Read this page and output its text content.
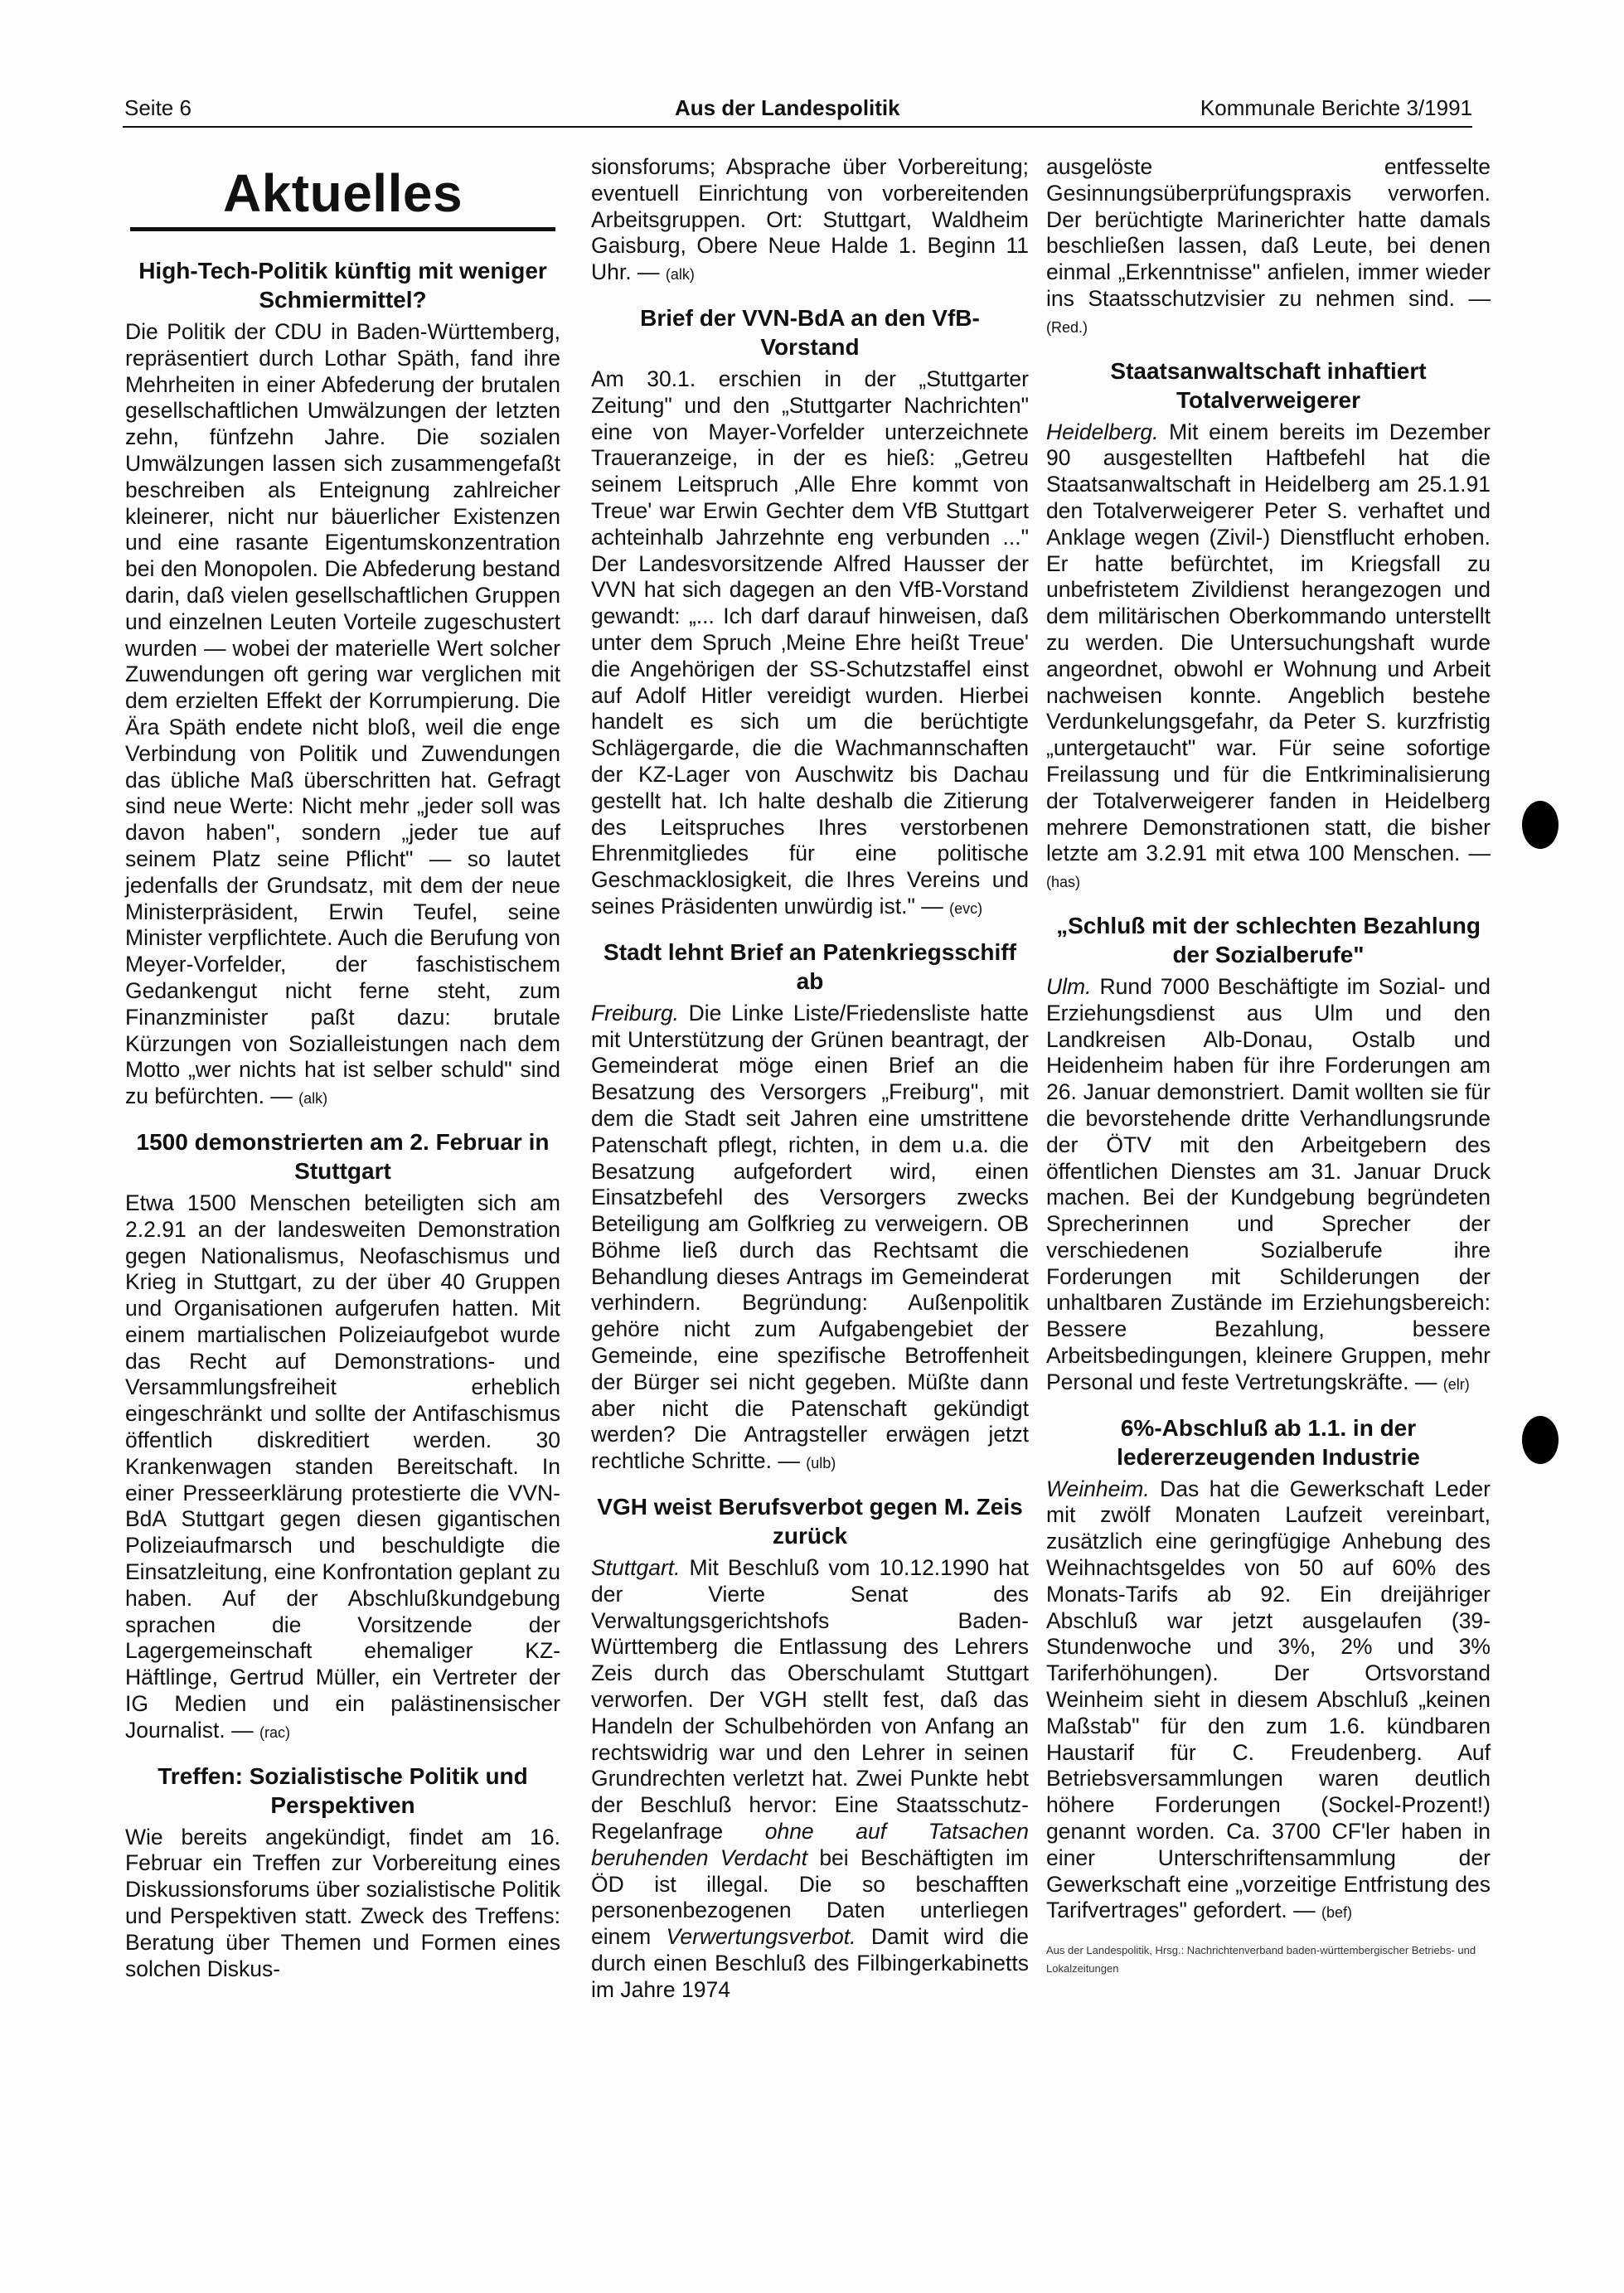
Seite 6	Aus der Landespolitik	Kommunale Berichte 3/1991
Aktuelles
High-Tech-Politik künftig mit weniger Schmiermittel?

Die Politik der CDU in Baden-Württemberg, repräsentiert durch Lothar Späth, fand ihre Mehrheiten in einer Abfederung der brutalen gesellschaftlichen Umwälzungen der letzten zehn, fünfzehn Jahre. Die sozialen Umwälzungen lassen sich zusammengefaßt beschreiben als Enteignung zahlreicher kleinerer, nicht nur bäuerlicher Existenzen und eine rasante Eigentumskonzentration bei den Monopolen. Die Abfederung bestand darin, daß vielen gesellschaftlichen Gruppen und einzelnen Leuten Vorteile zugeschustert wurden — wobei der materielle Wert solcher Zuwendungen oft gering war verglichen mit dem erzielten Effekt der Korrumpierung. Die Ära Späth endete nicht bloß, weil die enge Verbindung von Politik und Zuwendungen das übliche Maß überschritten hat. Gefragt sind neue Werte: Nicht mehr „jeder soll was davon haben", sondern „jeder tue auf seinem Platz seine Pflicht" — so lautet jedenfalls der Grundsatz, mit dem der neue Ministerpräsident, Erwin Teufel, seine Minister verpflichtete. Auch die Berufung von Meyer-Vorfelder, der faschistischem Gedankengut nicht ferne steht, zum Finanzminister paßt dazu: brutale Kürzungen von Sozialleistungen nach dem Motto „wer nichts hat ist selber schuld" sind zu befürchten. — (alk)

1500 demonstrierten am 2. Februar in Stuttgart

Etwa 1500 Menschen beteiligten sich am 2.2.91 an der landesweiten Demonstration gegen Nationalismus, Neofaschismus und Krieg in Stuttgart, zu der über 40 Gruppen und Organisationen aufgerufen hatten. Mit einem martialischen Polizeiaufgebot wurde das Recht auf Demonstrations- und Versammlungsfreiheit erheblich eingeschränkt und sollte der Antifaschismus öffentlich diskreditiert werden. 30 Krankenwagen standen Bereitschaft. In einer Presseerklärung protestierte die VVN-BdA Stuttgart gegen diesen gigantischen Polizeiaufmarsch und beschuldigte die Einsatzleitung, eine Konfrontation geplant zu haben. Auf der Abschlußkundgebung sprachen die Vorsitzende der Lagergemeinschaft ehemaliger KZ-Häftlinge, Gertrud Müller, ein Vertreter der IG Medien und ein palästinensischer Journalist. — (rac)

Treffen: Sozialistische Politik und Perspektiven

Wie bereits angekündigt, findet am 16. Februar ein Treffen zur Vorbereitung eines Diskussionsforums über sozialistische Politik und Perspektiven statt. Zweck des Treffens: Beratung über Themen und Formen eines solchen Diskus-

sionsforums; Absprache über Vorbereitung; eventuell Einrichtung von vorbereitenden Arbeitsgruppen. Ort: Stuttgart, Waldheim Gaisburg, Obere Neue Halde 1. Beginn 11 Uhr. — (alk)

Brief der VVN-BdA an den VfB-Vorstand

Am 30.1. erschien in der „Stuttgarter Zeitung" und den „Stuttgarter Nachrichten" eine von Mayer-Vorfelder unterzeichnete Traueranzeige, in der es hieß: „Getreu seinem Leitspruch ‚Alle Ehre kommt von Treue' war Erwin Gechter dem VfB Stuttgart achteinhalb Jahrzehnte eng verbunden ..." Der Landesvorsitzende Alfred Hausser der VVN hat sich dagegen an den VfB-Vorstand gewandt: „... Ich darf darauf hinweisen, daß unter dem Spruch ‚Meine Ehre heißt Treue' die Angehörigen der SS-Schutzstaffel einst auf Adolf Hitler vereidigt wurden. Hierbei handelt es sich um die berüchtigte Schlägergarde, die die Wachmannschaften der KZ-Lager von Auschwitz bis Dachau gestellt hat. Ich halte deshalb die Zitierung des Leitspruches Ihres verstorbenen Ehrenmitgliedes für eine politische Geschmacklosigkeit, die Ihres Vereins und seines Präsidenten unwürdig ist." — (evc)

Stadt lehnt Brief an Patenkriegsschiff ab

Freiburg. Die Linke Liste/Friedensliste hatte mit Unterstützung der Grünen beantragt, der Gemeinderat möge einen Brief an die Besatzung des Versorgers „Freiburg", mit dem die Stadt seit Jahren eine umstrittene Patenschaft pflegt, richten, in dem u.a. die Besatzung aufgefordert wird, einen Einsatzbefehl des Versorgers zwecks Beteiligung am Golfkrieg zu verweigern. OB Böhme ließ durch das Rechtsamt die Behandlung dieses Antrags im Gemeinderat verhindern. Begründung: Außenpolitik gehöre nicht zum Aufgabengebiet der Gemeinde, eine spezifische Betroffenheit der Bürger sei nicht gegeben. Müßte dann aber nicht die Patenschaft gekündigt werden? Die Antragsteller erwägen jetzt rechtliche Schritte. — (ulb)

VGH weist Berufsverbot gegen M. Zeis zurück

Stuttgart. Mit Beschluß vom 10.12.1990 hat der Vierte Senat des Verwaltungsgerichtshofs Baden-Württemberg die Entlassung des Lehrers Zeis durch das Oberschulamt Stuttgart verworfen. Der VGH stellt fest, daß das Handeln der Schulbehörden von Anfang an rechtswidrig war und den Lehrer in seinen Grundrechten verletzt hat. Zwei Punkte hebt der Beschluß hervor: Eine Staatsschutz-Regelanfrage ohne auf Tatsachen beruhenden Verdacht bei Beschäftigten im ÖD ist illegal. Die so beschafften personenbezogenen Daten unterliegen einem Verwertungsverbot. Damit wird die durch einen Beschluß des Filbingerkabinetts im Jahre 1974

ausgelöste entfesselte Gesinnungsüberprüfungspraxis verworfen. Der berüchtigte Marinerichter hatte damals beschließen lassen, daß Leute, bei denen einmal „Erkenntnisse" anfielen, immer wieder ins Staatsschutzvisier zu nehmen sind. — (Red.)

Staatsanwaltschaft inhaftiert Totalverweigerer

Heidelberg. Mit einem bereits im Dezember 90 ausgestellten Haftbefehl hat die Staatsanwaltschaft in Heidelberg am 25.1.91 den Totalverweigerer Peter S. verhaftet und Anklage wegen (Zivil-) Dienstflucht erhoben. Er hatte befürchtet, im Kriegsfall zu unbefristetem Zivildienst herangezogen und dem militärischen Oberkommando unterstellt zu werden. Die Untersuchungshaft wurde angeordnet, obwohl er Wohnung und Arbeit nachweisen konnte. Angeblich bestehe Verdunkelungsgefahr, da Peter S. kurzfristig „untergetaucht" war. Für seine sofortige Freilassung und für die Entkriminalisierung der Totalverweigerer fanden in Heidelberg mehrere Demonstrationen statt, die bisher letzte am 3.2.91 mit etwa 100 Menschen. — (has)

„Schluß mit der schlechten Bezahlung der Sozialberufe"

Ulm. Rund 7000 Beschäftigte im Sozial- und Erziehungsdienst aus Ulm und den Landkreisen Alb-Donau, Ostalb und Heidenheim haben für ihre Forderungen am 26. Januar demonstriert. Damit wollten sie für die bevorstehende dritte Verhandlungsrunde der ÖTV mit den Arbeitgebern des öffentlichen Dienstes am 31. Januar Druck machen. Bei der Kundgebung begründeten Sprecherinnen und Sprecher der verschiedenen Sozialberufe ihre Forderungen mit Schilderungen der unhaltbaren Zustände im Erziehungsbereich: Bessere Bezahlung, bessere Arbeitsbedingungen, kleinere Gruppen, mehr Personal und feste Vertretungskräfte. — (elr)

6%-Abschluß ab 1.1. in der ledererzeugenden Industrie

Weinheim. Das hat die Gewerkschaft Leder mit zwölf Monaten Laufzeit vereinbart, zusätzlich eine geringfügige Anhebung des Weihnachtsgeldes von 50 auf 60% des Monats-Tarifs ab 92. Ein dreijähriger Abschluß war jetzt ausgelaufen (39-Stundenwoche und 3%, 2% und 3% Tariferhöhungen). Der Ortsvorstand Weinheim sieht in diesem Abschluß „keinen Maßstab" für den zum 1.6. kündbaren Haustarif für C. Freudenberg. Auf Betriebsversammlungen waren deutlich höhere Forderungen (Sockel-Prozent!) genannt worden. Ca. 3700 CF'ler haben in einer Unterschriftensammlung der Gewerkschaft eine „vorzeitige Entfristung des Tarifvertrages" gefordert. — (bef)

Aus der Landespolitik, Hrsg.: Nachrichtenverband baden-württembergischer Betriebs- und Lokalzeitungen
